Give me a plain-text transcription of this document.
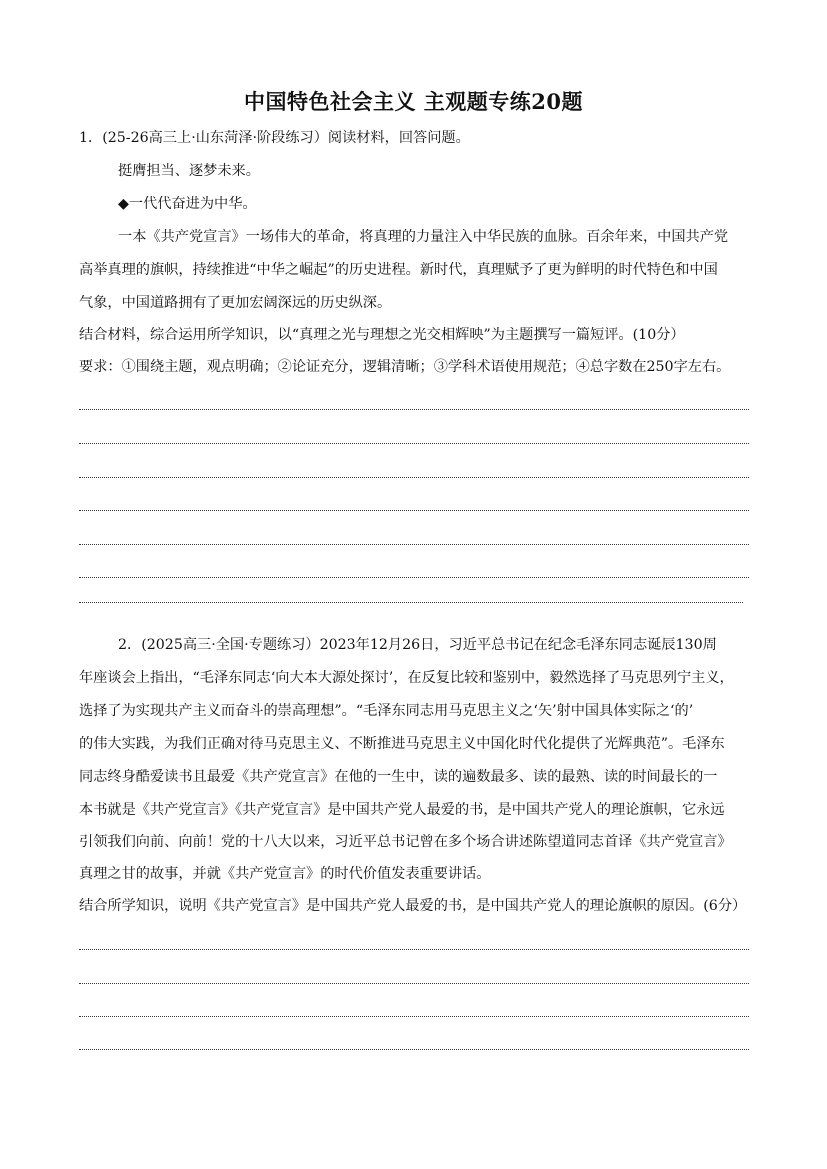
中国特色社会主义 主观题专练20题
1．(25-26高三上·山东菏泽·阶段练习）阅读材料，回答问题。
挺膺担当、逐梦未来。
◆一代代奋进为中华。
一本《共产党宣言》一场伟大的革命，将真理的力量注入中华民族的血脉。百余年来，中国共产党
高举真理的旗帜，持续推进“中华之崛起”的历史进程。新时代，真理赋予了更为鲜明的时代特色和中国
气象，中国道路拥有了更加宏阔深远的历史纵深。
结合材料，综合运用所学知识，以“真理之光与理想之光交相辉映”为主题撰写一篇短评。(10分）
要求：①围绕主题，观点明确；②论证充分，逻辑清晰；③学科术语使用规范；④总字数在250字左右。
2．(2025高三·全国·专题练习）2023年12月26日，习近平总书记在纪念毛泽东同志诞辰130周
年座谈会上指出，“毛泽东同志‘向大本大源处探讨’，在反复比较和鉴别中，毅然选择了马克思列宁主义，
选择了为实现共产主义而奋斗的崇高理想”。“毛泽东同志用马克思主义之‘矢’射中国具体实际之‘的’
的伟大实践，为我们正确对待马克思主义、不断推进马克思主义中国化时代化提供了光辉典范”。毛泽东
同志终身酷爱读书且最爱《共产党宣言》在他的一生中，读的遍数最多、读的最熟、读的时间最长的一
本书就是《共产党宣言》《共产党宣言》是中国共产党人最爱的书，是中国共产党人的理论旗帜，它永远
引领我们向前、向前！党的十八大以来，习近平总书记曾在多个场合讲述陈望道同志首译《共产党宣言》
真理之甘的故事，并就《共产党宣言》的时代价值发表重要讲话。
结合所学知识，说明《共产党宣言》是中国共产党人最爱的书，是中国共产党人的理论旗帜的原因。(6分）
